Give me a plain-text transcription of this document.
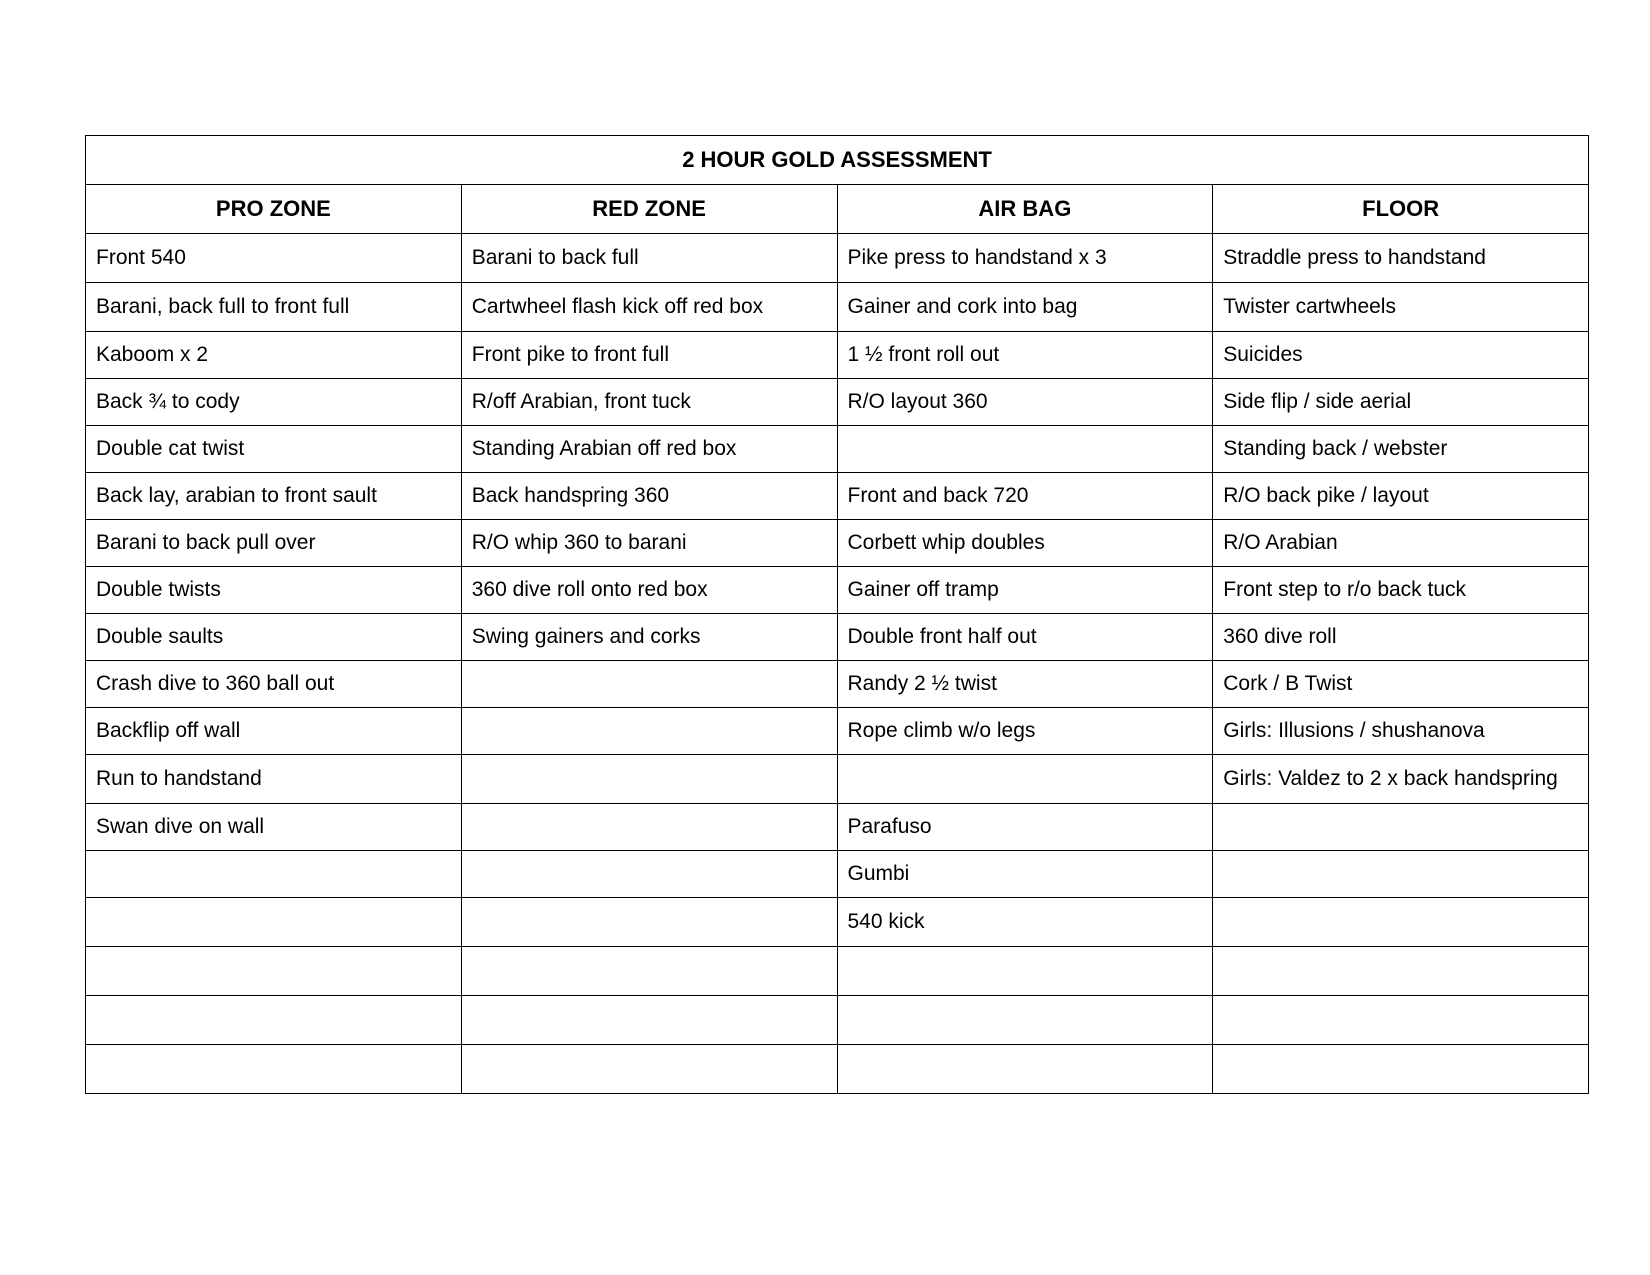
2 HOUR GOLD ASSESSMENT			
PRO ZONE	RED ZONE	AIR BAG	FLOOR
Front 540	Barani to back full	Pike press to handstand x 3	Straddle press to handstand
Barani, back full to front full	Cartwheel flash kick off red box	Gainer and cork into bag	Twister cartwheels
Kaboom x 2	Front pike to front full	1 ½ front roll out	Suicides
Back ¾ to cody	R/off Arabian, front tuck	R/O layout 360	Side flip / side aerial
Double cat twist	Standing Arabian off red box		Standing back / webster
Back lay, arabian to front sault	Back handspring 360	Front and back 720	R/O back pike / layout
Barani to back pull over	R/O whip 360 to barani	Corbett whip doubles	R/O Arabian
Double twists	360 dive roll onto red box	Gainer off tramp	Front step to r/o back tuck
Double saults	Swing gainers and corks	Double front half out	360 dive roll
Crash dive to 360 ball out		Randy 2 ½ twist	Cork / B Twist
Backflip off wall		Rope climb w/o legs	Girls: Illusions / shushanova
Run to handstand			Girls: Valdez to 2 x back handspring
Swan dive on wall		Parafuso	
		Gumbi	
		540 kick	
